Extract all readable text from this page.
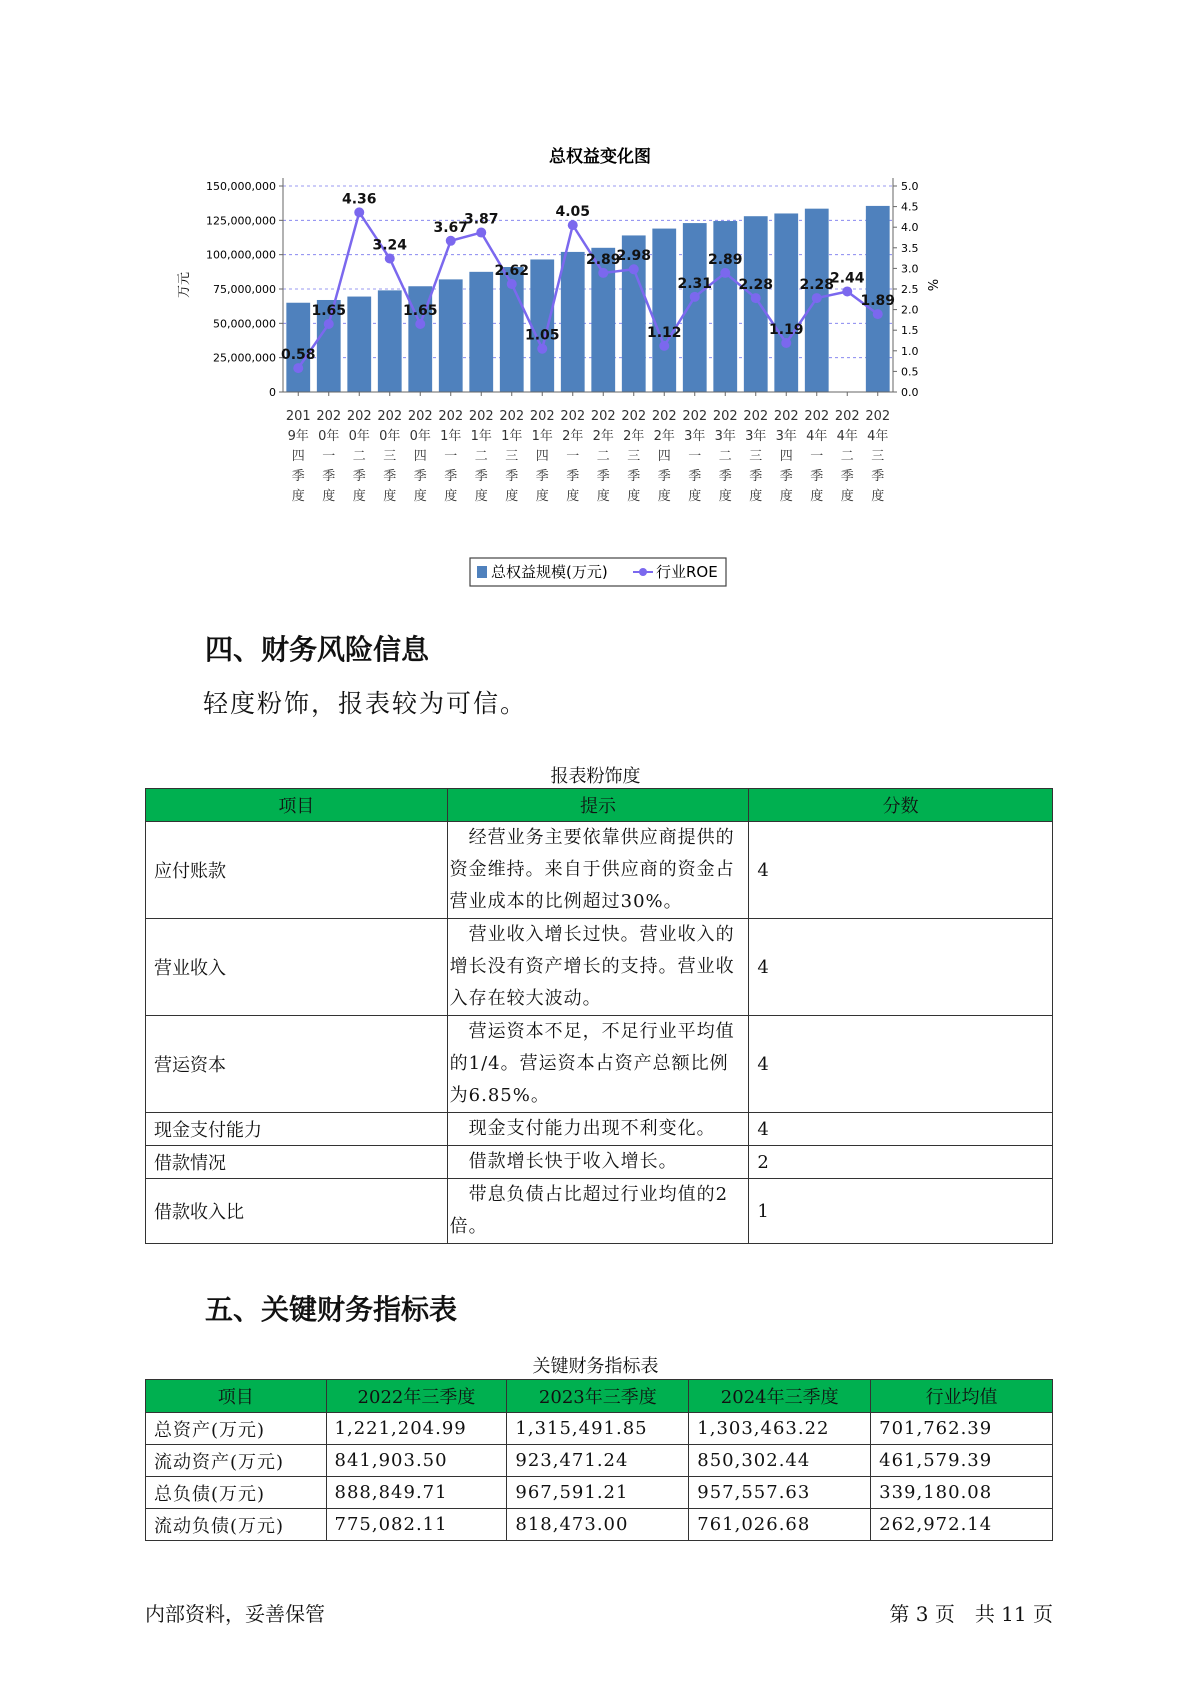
总权益变化图
0
25,000,000
50,000,000
75,000,000
100,000,000
125,000,000
150,000,000
0.0
0.5
1.0
1.5
2.0
2.5
3.0
3.5
4.0
4.5
5.0
0.58
1.65
4.36
3.24
1.65
3.67
3.87
2.62
1.05
4.05
2.89
2.98
1.12
2.31
2.89
2.28
1.19
2.28
2.44
1.89
201 9年四季度
202 0年一季度
202 0年二季度
202 0年三季度
202 0年四季度
202 1年一季度
202 1年二季度
202 1年三季度
202 1年四季度
202 2年一季度
202 2年二季度
202 2年三季度
202 2年四季度
202 3年一季度
202 3年二季度
202 3年三季度
202 3年四季度
202 4年一季度
202 4年二季度
202 4年三季度
万元	%
总权益规模(万元)	行业ROE
四、财务风险信息

轻度粉饰，报表较为可信。

报表粉饰度
项目	提示	分数
应付账款	　经营业务主要依靠供应商提供的资金维持。来自于供应商的资金占营业成本的比例超过30%。	4
营业收入	　营业收入增长过快。营业收入的增长没有资产增长的支持。营业收入存在较大波动。	4
营运资本	　营运资本不足，不足行业平均值的1/4。营运资本占资产总额比例为6.85%。	4
现金支付能力	　现金支付能力出现不利变化。	4
借款情况	　借款增长快于收入增长。	2
借款收入比	　带息负债占比超过行业均值的2倍。	1
五、关键财务指标表
关键财务指标表
项目	2022年三季度	2023年三季度	2024年三季度	行业均值
总资产(万元)	1,221,204.99	1,315,491.85	1,303,463.22	701,762.39
流动资产(万元)	841,903.50	923,471.24	850,302.44	461,579.39
总负债(万元)	888,849.71	967,591.21	957,557.63	339,180.08
流动负债(万元)	775,082.11	818,473.00	761,026.68	262,972.14
内部资料，妥善保管	第 3 页　共 11 页
